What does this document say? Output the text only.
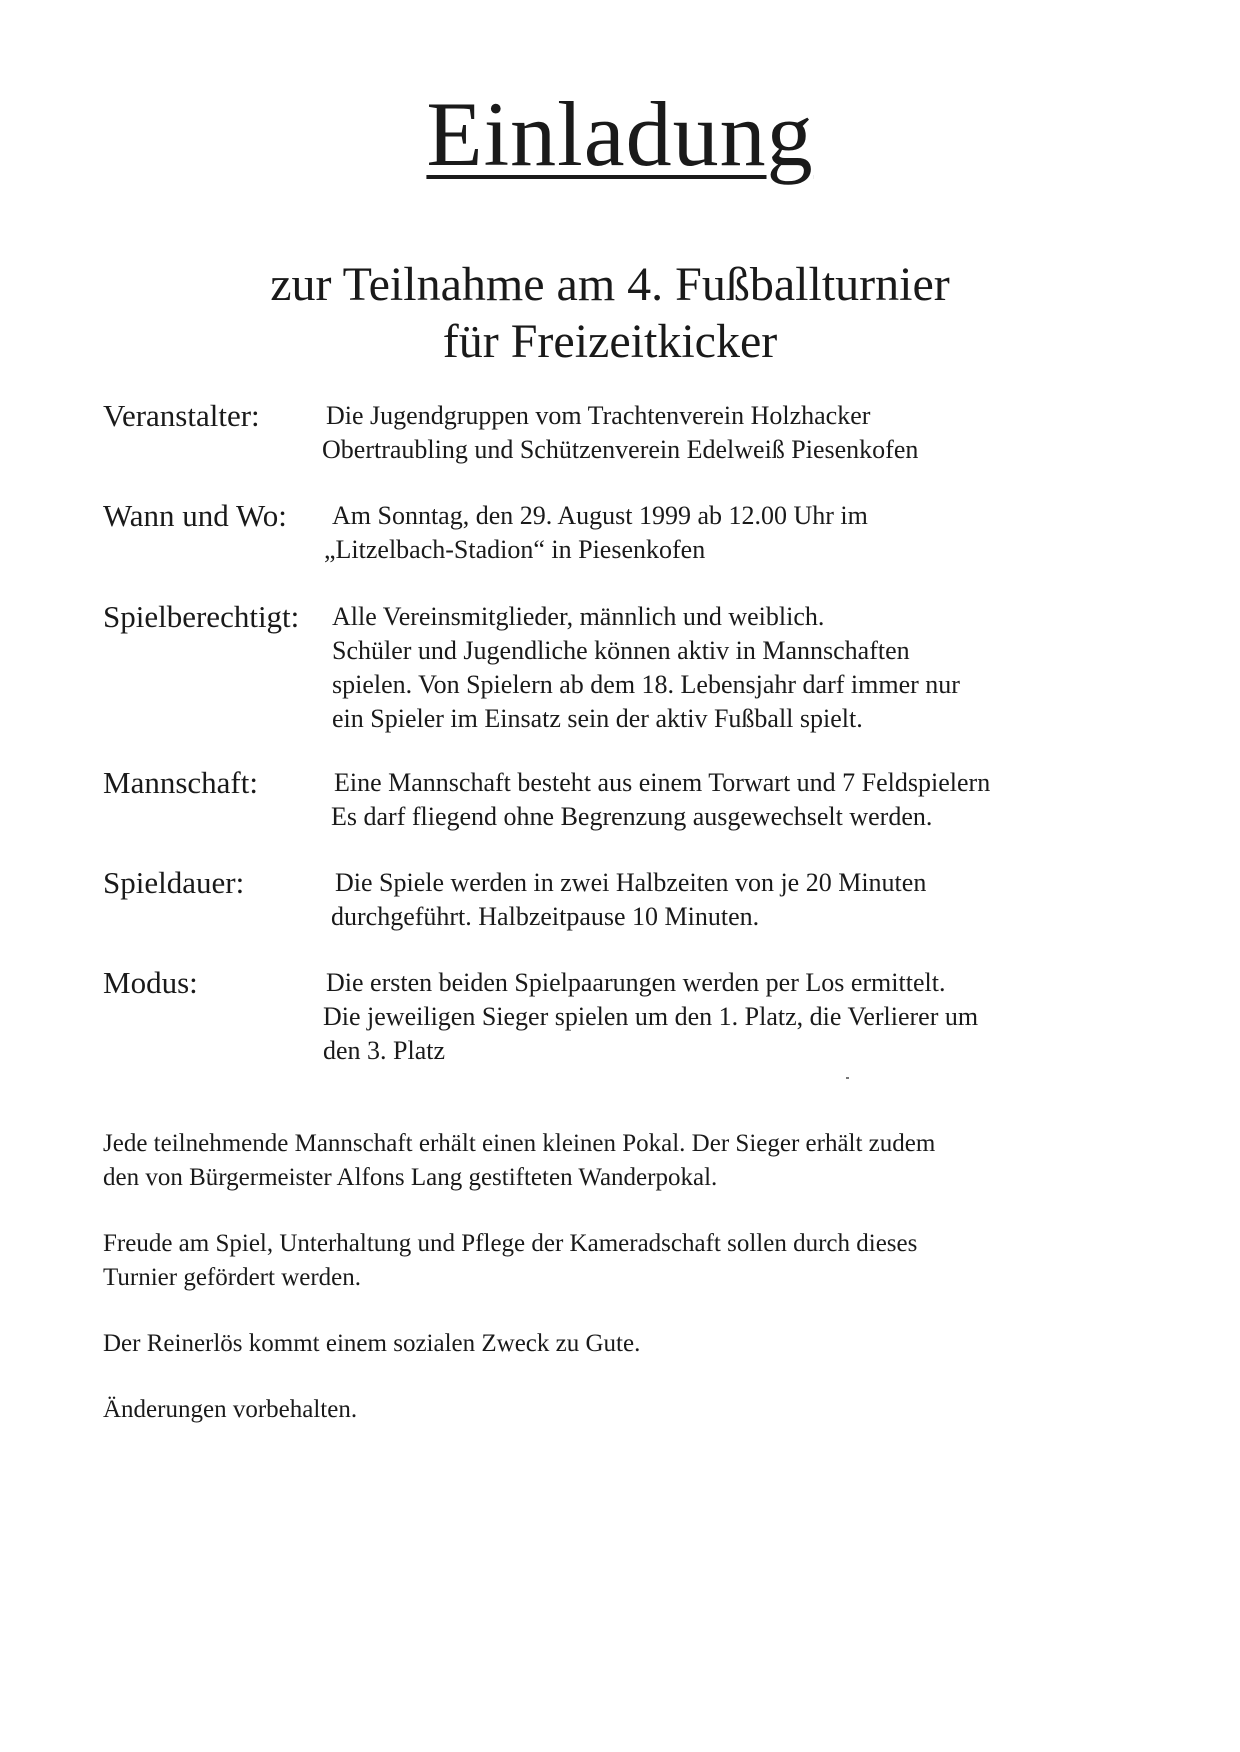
Einladung
zur Teilnahme am 4. Fußballturnier
für Freizeitkicker
Veranstalter:	Die Jugendgruppen vom Trachtenverein Holzhacker
Obertraubling und Schützenverein Edelweiß Piesenkofen
Wann und Wo: Am Sonntag, den 29. August 1999 ab 12.00 Uhr im
„Litzelbach-Stadion“ in Piesenkofen
Spielberechtigt: Alle Vereinsmitglieder, männlich und weiblich.
Schüler und Jugendliche können aktiv in Mannschaften
spielen. Von Spielern ab dem 18. Lebensjahr darf immer nur
ein Spieler im Einsatz sein der aktiv Fußball spielt.
Mannschaft:	Eine Mannschaft besteht aus einem Torwart und 7 Feldspielern
Es darf fliegend ohne Begrenzung ausgewechselt werden.
Spieldauer:	Die Spiele werden in zwei Halbzeiten von je 20 Minuten
durchgeführt. Halbzeitpause 10 Minuten.
Modus:	Die ersten beiden Spielpaarungen werden per Los ermittelt.
Die jeweiligen Sieger spielen um den 1. Platz, die Verlierer um
den 3. Platz

Jede teilnehmende Mannschaft erhält einen kleinen Pokal. Der Sieger erhält zudem
den von Bürgermeister Alfons Lang gestifteten Wanderpokal.

Freude am Spiel, Unterhaltung und Pflege der Kameradschaft sollen durch dieses
Turnier gefördert werden.

Der Reinerlös kommt einem sozialen Zweck zu Gute.

Änderungen vorbehalten.
